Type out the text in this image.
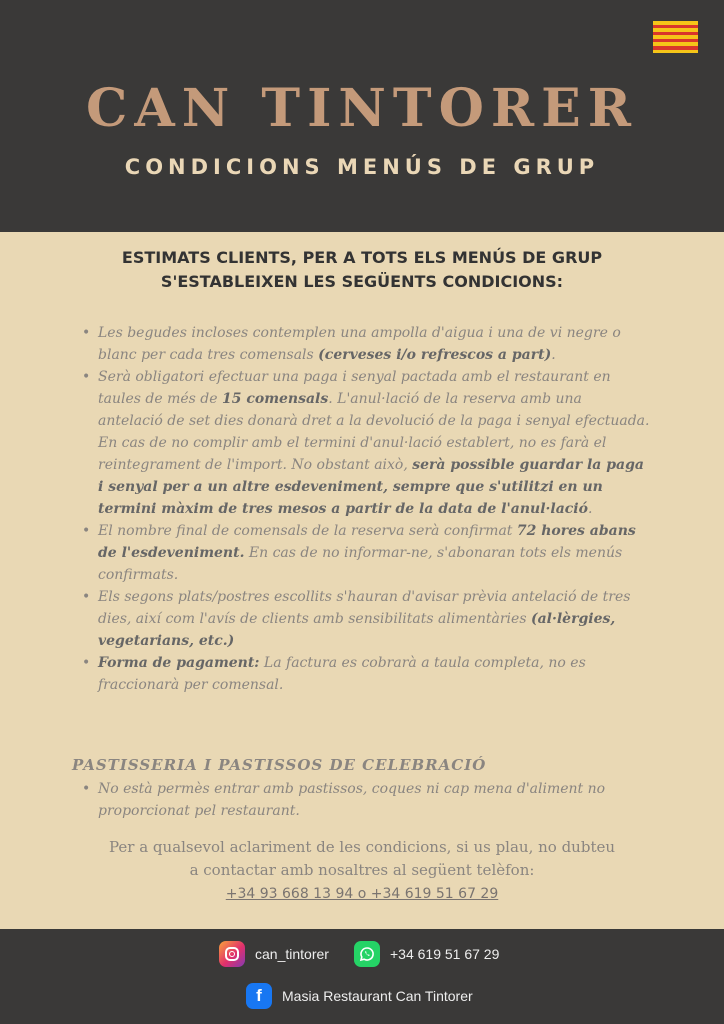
CAN TINTORER
CONDICIONS MENÚS DE GRUP
ESTIMATS CLIENTS, PER A TOTS ELS MENÚS DE GRUP
S'ESTABLEIXEN LES SEGÜENTS CONDICIONS:
• Les begudes incloses contemplen una ampolla d'aigua i una de vi negre o blanc per cada tres comensals (cerveses i/o refrescos a part).
• Serà obligatori efectuar una paga i senyal pactada amb el restaurant en taules de més de 15 comensals. L'anul·lació de la reserva amb una antelació de set dies donarà dret a la devolució de la paga i senyal efectuada. En cas de no complir amb el termini d'anul·lació establert, no es farà el reintegrament de l'import. No obstant això, serà possible guardar la paga i senyal per a un altre esdeveniment, sempre que s'utilitzi en un termini màxim de tres mesos a partir de la data de l'anul·lació.
• El nombre final de comensals de la reserva serà confirmat 72 hores abans de l'esdeveniment. En cas de no informar-ne, s'abonaran tots els menús confirmats.
• Els segons plats/postres escollits s'hauran d'avisar prèvia antelació de tres dies, així com l'avís de clients amb sensibilitats alimentàries (al·lèrgies, vegetarians, etc.)
• Forma de pagament: La factura es cobrarà a taula completa, no es fraccionarà per comensal.
PASTISSERIA I PASTISSOS DE CELEBRACIÓ
• No està permès entrar amb pastissos, coques ni cap mena d'aliment no proporcionat pel restaurant.

Per a qualsevol aclariment de les condicions, si us plau, no dubteu

a contactar amb nosaltres al següent telèfon:

+34 93 668 13 94 o +34 619 51 67 29

can_tintorer	+34 619 51 67 29
f	Masia Restaurant Can Tintorer
